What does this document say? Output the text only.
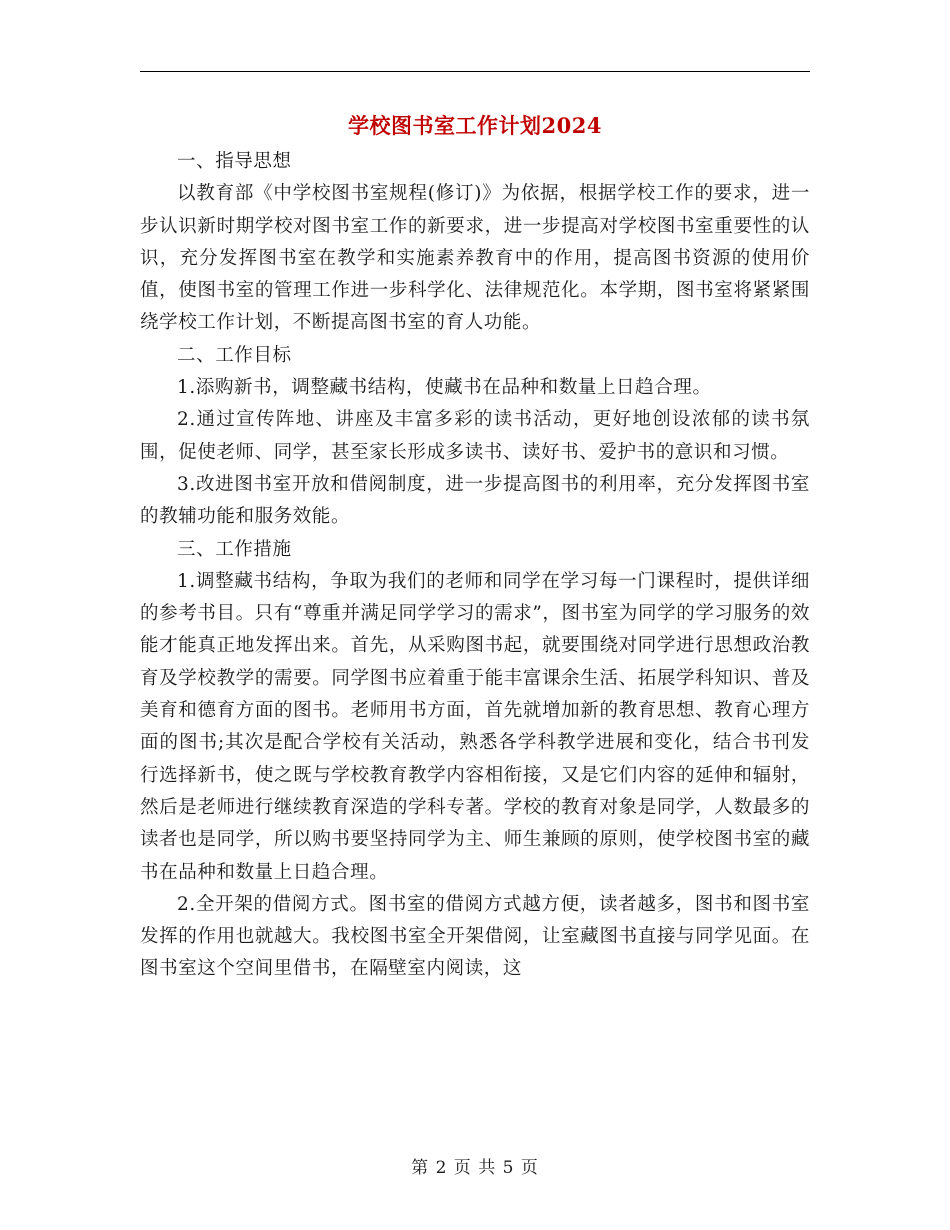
学校图书室工作计划2024

一、指导思想

以教育部《中学校图书室规程(修订)》为依据，根据学校工作的要求，进一步认识新时期学校对图书室工作的新要求，进一步提高对学校图书室重要性的认识，充分发挥图书室在教学和实施素养教育中的作用，提高图书资源的使用价值，使图书室的管理工作进一步科学化、法律规范化。本学期，图书室将紧紧围绕学校工作计划，不断提高图书室的育人功能。

二、工作目标

1.添购新书，调整藏书结构，使藏书在品种和数量上日趋合理。

2.通过宣传阵地、讲座及丰富多彩的读书活动，更好地创设浓郁的读书氛围，促使老师、同学，甚至家长形成多读书、读好书、爱护书的意识和习惯。

3.改进图书室开放和借阅制度，进一步提高图书的利用率，充分发挥图书室的教辅功能和服务效能。

三、工作措施

1.调整藏书结构，争取为我们的老师和同学在学习每一门课程时，提供详细的参考书目。只有“尊重并满足同学学习的需求”，图书室为同学的学习服务的效能才能真正地发挥出来。首先，从采购图书起，就要围绕对同学进行思想政治教育及学校教学的需要。同学图书应着重于能丰富课余生活、拓展学科知识、普及美育和德育方面的图书。老师用书方面，首先就增加新的教育思想、教育心理方面的图书;其次是配合学校有关活动，熟悉各学科教学进展和变化，结合书刊发行选择新书，使之既与学校教育教学内容相衔接，又是它们内容的延伸和辐射，然后是老师进行继续教育深造的学科专著。学校的教育对象是同学，人数最多的读者也是同学，所以购书要坚持同学为主、师生兼顾的原则，使学校图书室的藏书在品种和数量上日趋合理。

2.全开架的借阅方式。图书室的借阅方式越方便，读者越多，图书和图书室发挥的作用也就越大。我校图书室全开架借阅，让室藏图书直接与同学见面。在图书室这个空间里借书，在隔壁室内阅读，这

第 2 页 共 5 页
